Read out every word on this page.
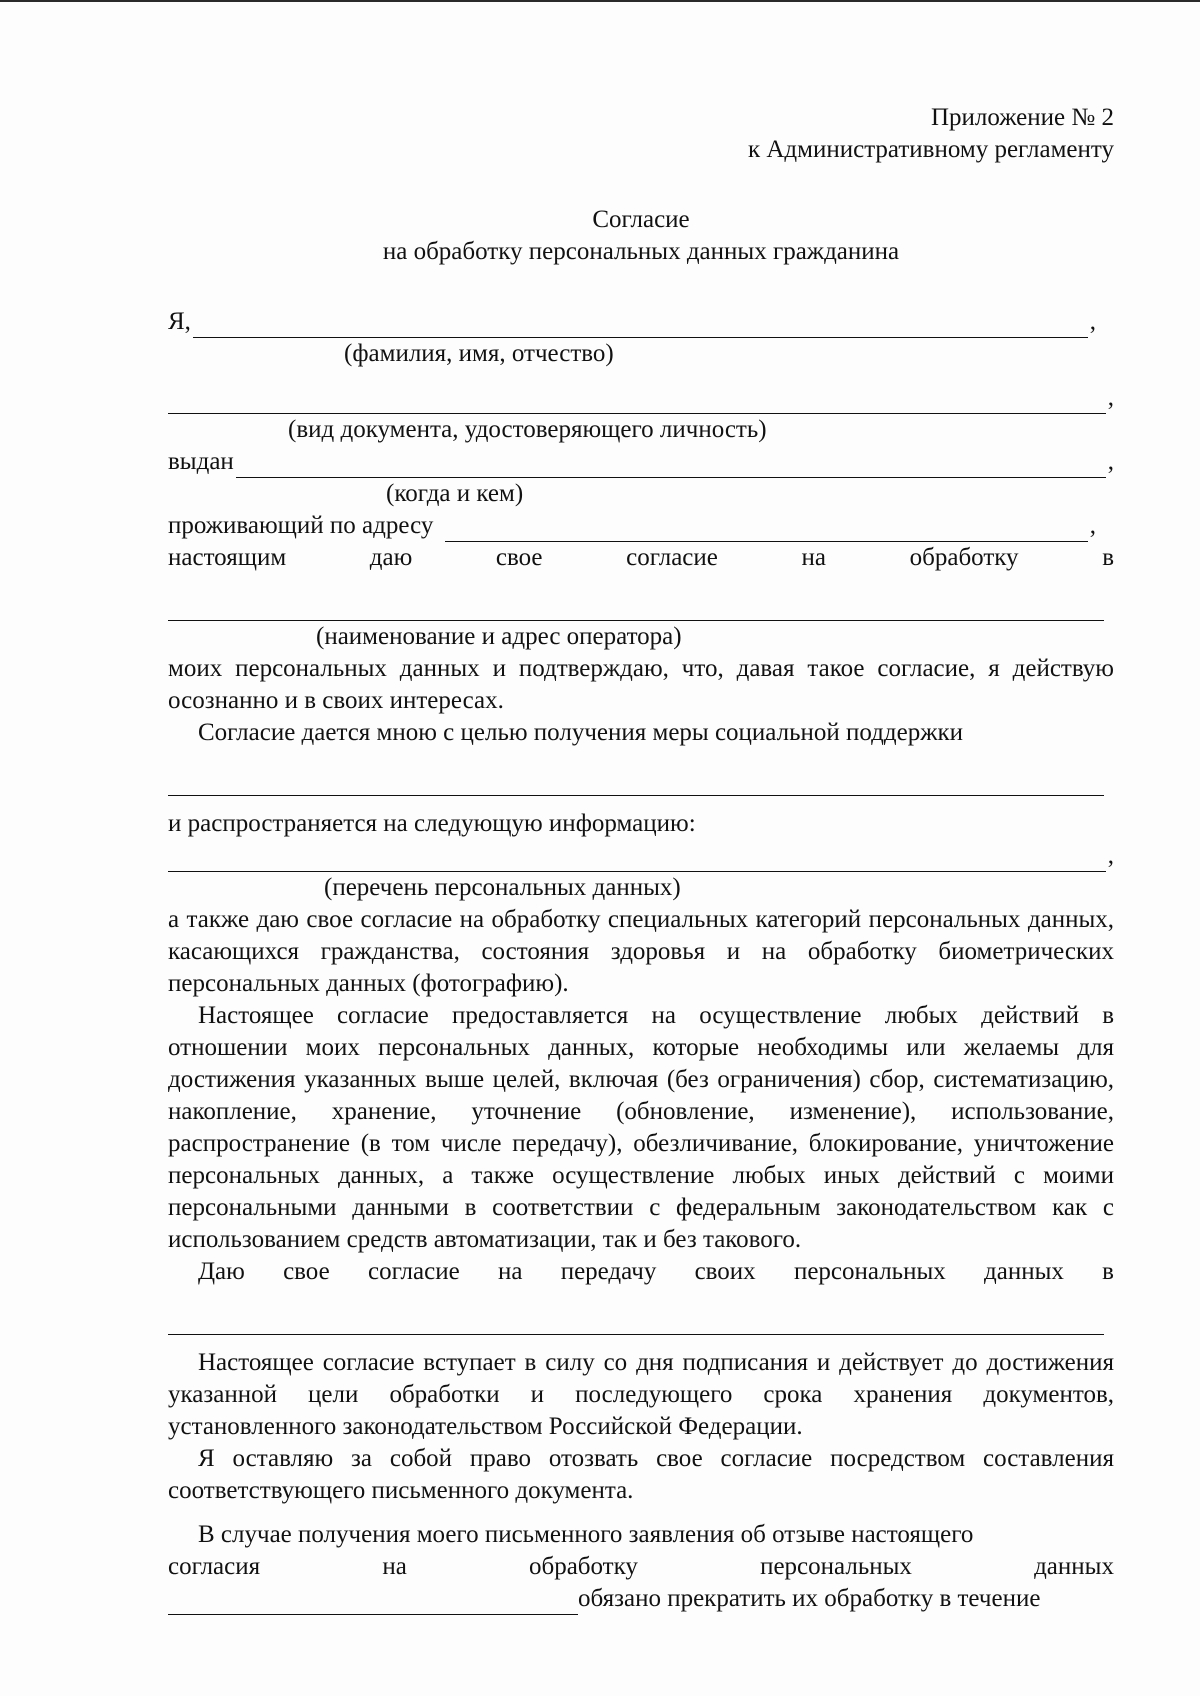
Приложение № 2
к Административному регламенту
Согласие
на обработку персональных данных гражданина
Я,	,
(фамилия, имя, отчество)
,
(вид документа, удостоверяющего личность)
выдан	,
(когда и кем)
проживающий по адресу	,
настоящим	даю	свое	согласие	на	обработку	в
(наименование и адрес оператора)
моих персональных данных и подтверждаю, что, давая такое согласие, я действую осознанно и в своих интересах.
Согласие дается мною с целью получения меры социальной поддержки
и распространяется на следующую информацию:
,
(перечень персональных данных)
а также даю свое согласие на обработку специальных категорий персональных данных, касающихся гражданства, состояния здоровья и на обработку биометрических персональных данных (фотографию).
Настоящее согласие предоставляется на осуществление любых действий в отношении моих персональных данных, которые необходимы или желаемы для достижения указанных выше целей, включая (без ограничения) сбор, систематизацию, накопление, хранение, уточнение (обновление, изменение), использование, распространение (в том числе передачу), обезличивание, блокирование, уничтожение персональных данных, а также осуществление любых иных действий с моими персональными данными в соответствии с федеральным законодательством как с использованием средств автоматизации, так и без такового.
Даю свое согласие на передачу своих персональных данных в
Настоящее согласие вступает в силу со дня подписания и действует до достижения указанной цели обработки и последующего срока хранения документов, установленного законодательством Российской Федерации.
Я оставляю за собой право отозвать свое согласие посредством составления соответствующего письменного документа.
В случае получения моего письменного заявления об отзыве настоящего
согласия	на	обработку	персональных	данных
обязано прекратить их обработку в течение
